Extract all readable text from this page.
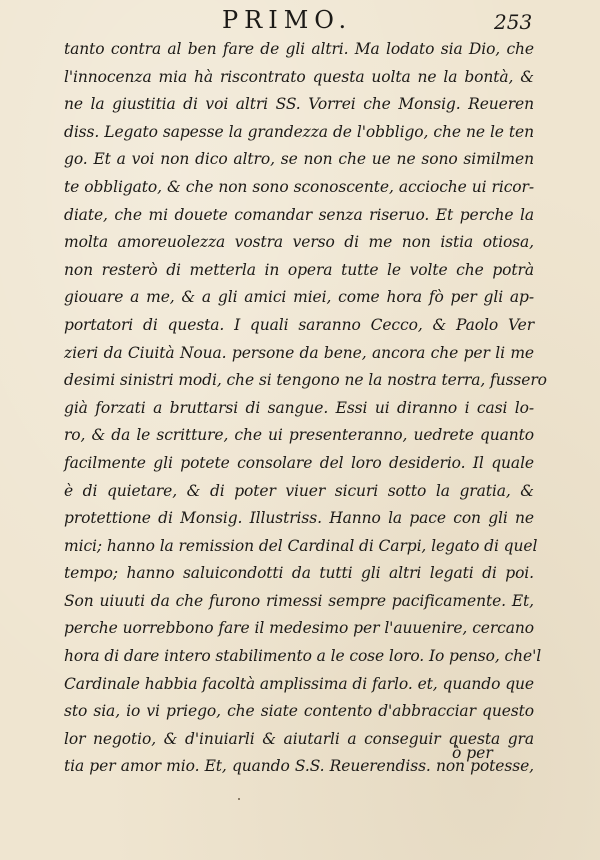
PRIMO.	253
tanto contra al ben fare de gli altri. Ma lodato sia Dio, che
l'innocenza mia hà riscontrato questa uolta ne la bontà, &
ne la giustitia di voi altri SS. Vorrei che Monsig. Reueren
diss. Legato sapesse la grandezza de l'obbligo, che ne le ten
go. Et a voi non dico altro, se non che ue ne sono similmen
te obbligato, & che non sono sconoscente, accioche ui ricor-
diate, che mi douete comandar senza riseruo. Et perche la
molta amoreuolezza vostra verso di me non istia otiosa,
non resterò di metterla in opera tutte le volte che potrà
giouare a me, & a gli amici miei, come hora fò per gli ap-
portatori di questa. I quali saranno Cecco, & Paolo Ver
zieri da Ciuità Noua. persone da bene, ancora che per li me
desimi sinistri modi, che si tengono ne la nostra terra, fussero
già forzati a bruttarsi di sangue. Essi ui diranno i casi lo-
ro, & da le scritture, che ui presenteranno, uedrete quanto
facilmente gli potete consolare del loro desiderio. Il quale
è di quietare, & di poter viuer sicuri sotto la gratia, &
protettione di Monsig. Illustriss. Hanno la pace con gli ne
mici; hanno la remission del Cardinal di Carpi, legato di quel
tempo; hanno saluicondotti da tutti gli altri legati di poi.
Son uiuuti da che furono rimessi sempre pacificamente. Et,
perche uorrebbono fare il medesimo per l'auuenire, cercano
hora di dare intero stabilimento a le cose loro. Io penso, che'l
Cardinale habbia facoltà amplissima di farlo. et, quando que
sto sia, io vi priego, che siate contento d'abbracciar questo
lor negotio, & d'inuiarli & aiutarli a conseguir questa gra
tia per amor mio. Et, quando S.S. Reuerendiss. non potesse,
ò per
